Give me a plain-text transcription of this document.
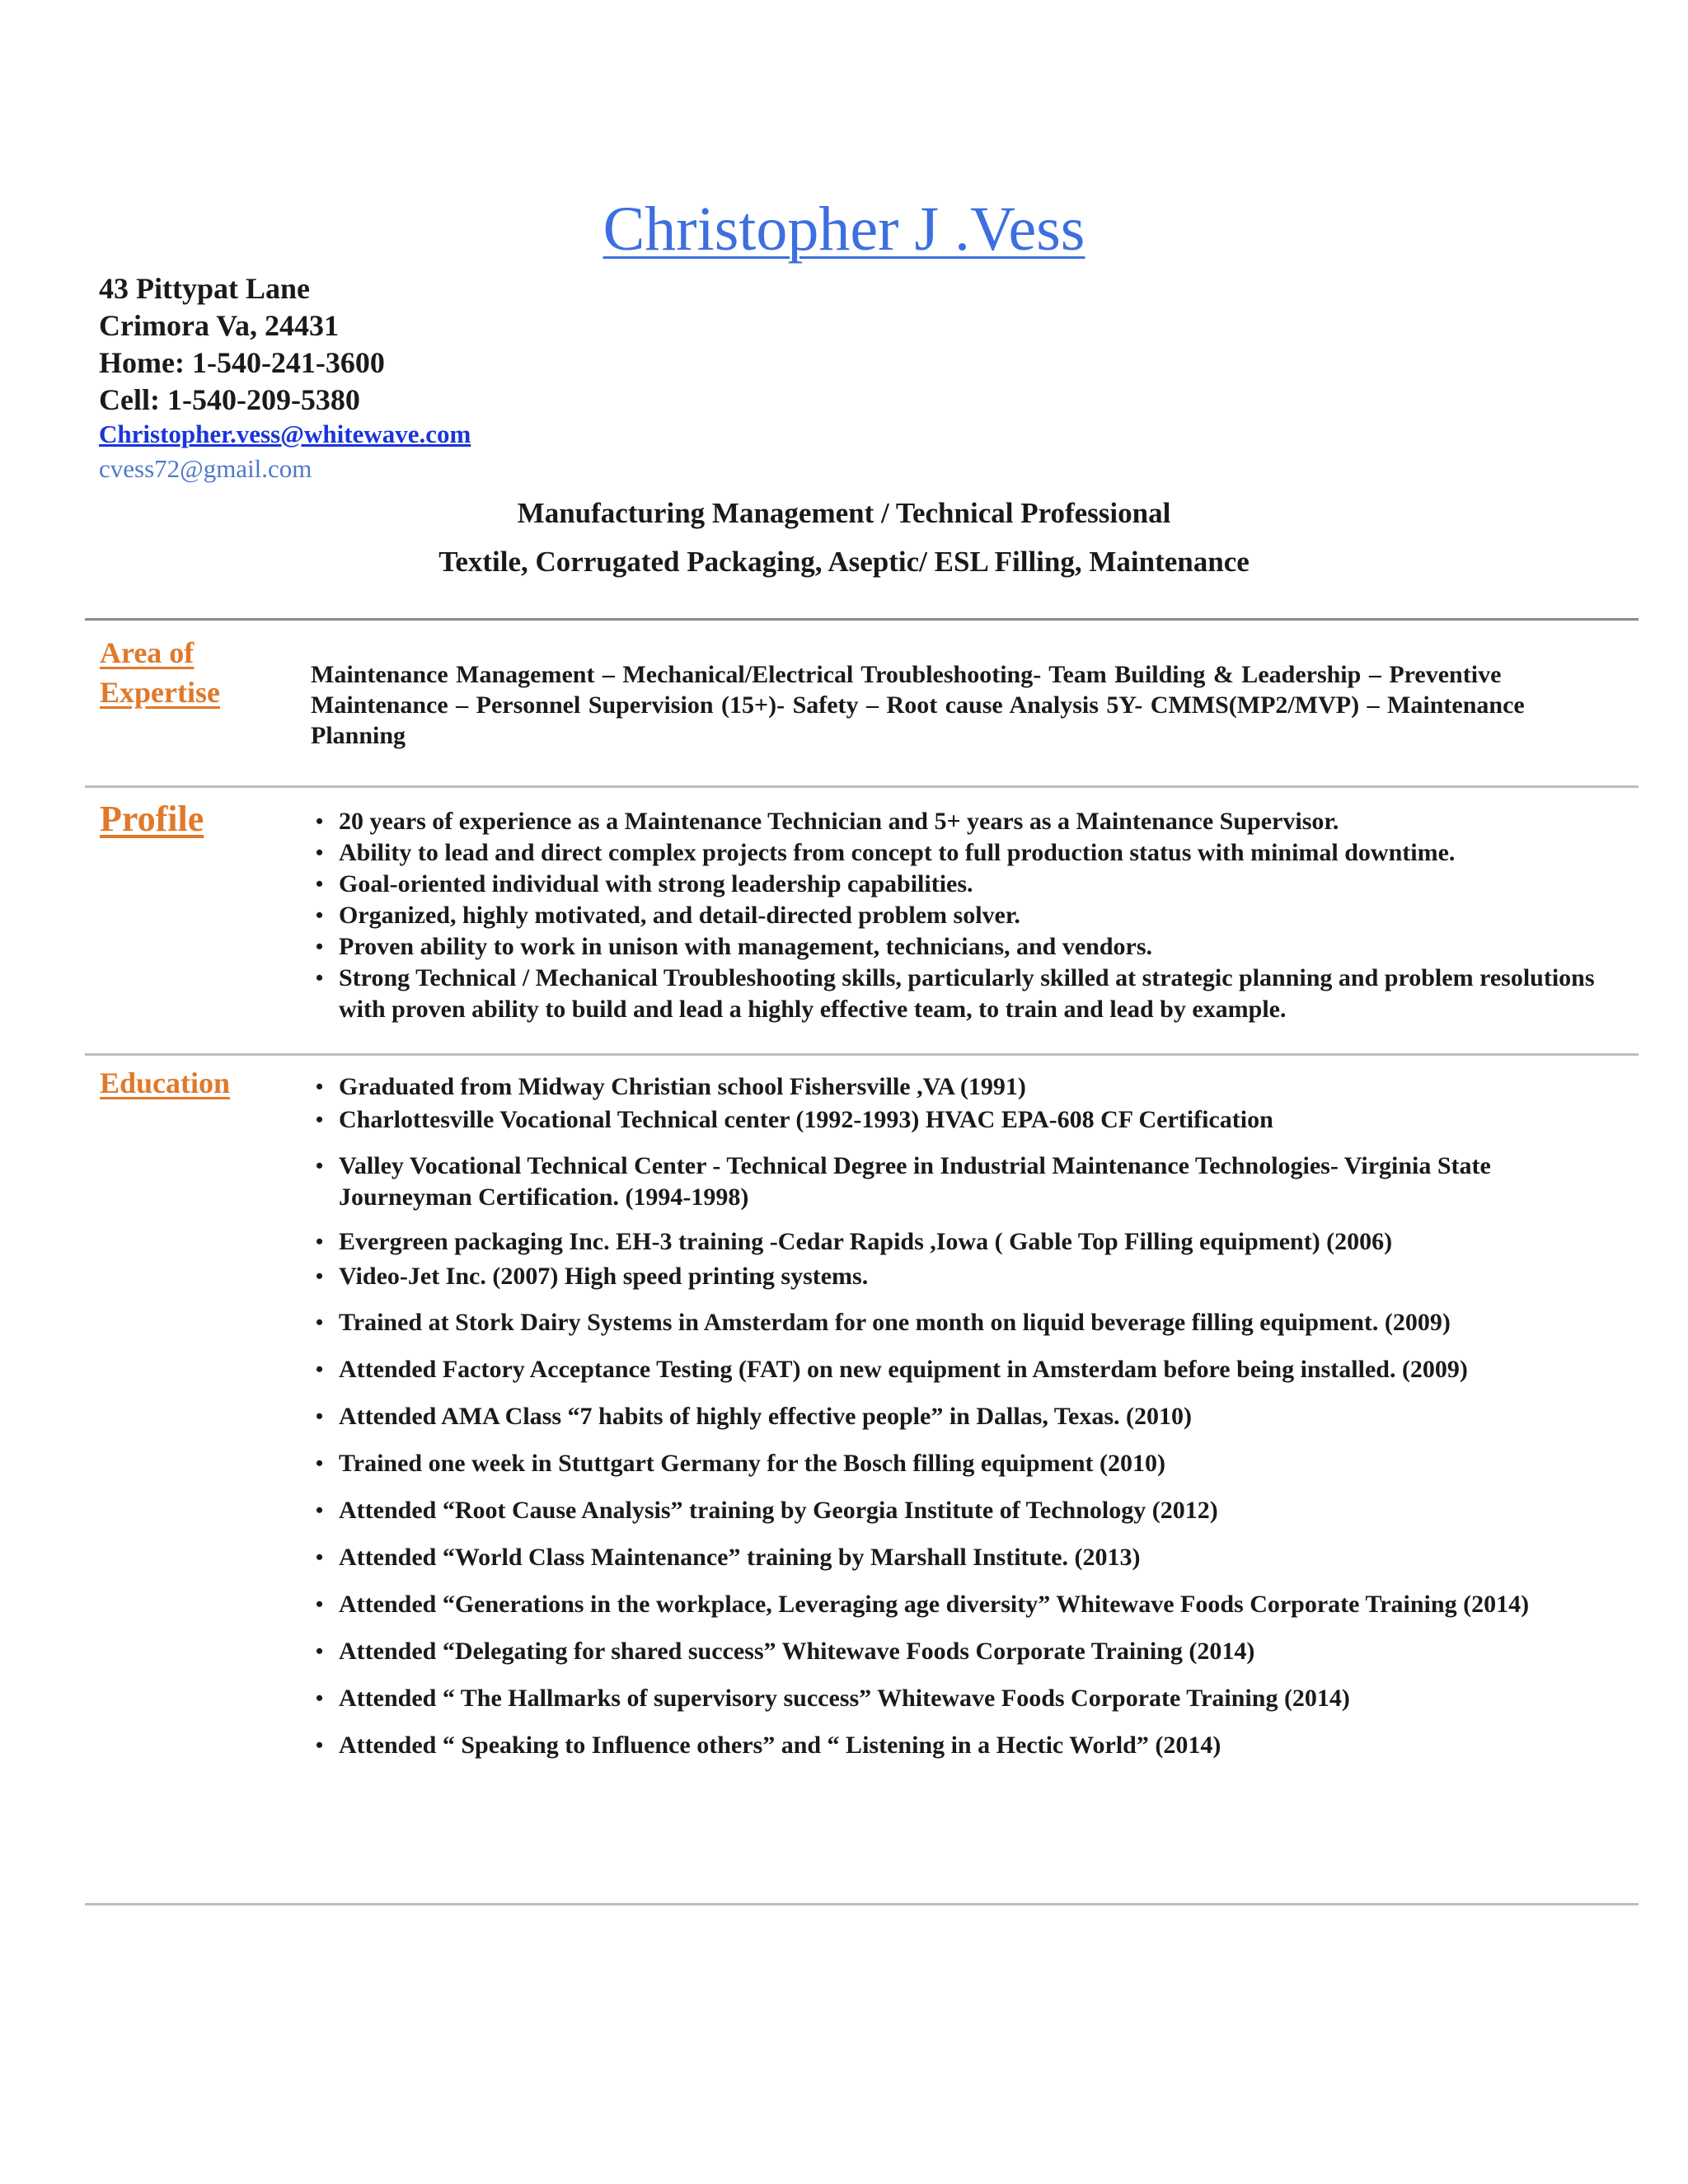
Christopher J .Vess
43 Pittypat Lane
Crimora Va, 24431
Home: 1-540-241-3600
Cell: 1-540-209-5380
Christopher.vess@whitewave.com
cvess72@gmail.com
Manufacturing Management / Technical Professional
Textile, Corrugated Packaging, Aseptic/ ESL Filling, Maintenance
Area of
Expertise
Maintenance Management – Mechanical/Electrical Troubleshooting- Team Building & Leadership – Preventive Maintenance – Personnel Supervision (15+)- Safety – Root cause Analysis 5Y- CMMS(MP2/MVP) – Maintenance Planning
Profile	• 20 years of experience as a Maintenance Technician and 5+ years as a Maintenance Supervisor.
• Ability to lead and direct complex projects from concept to full production status with minimal downtime.
• Goal-oriented individual with strong leadership capabilities.
• Organized, highly motivated, and detail-directed problem solver.
• Proven ability to work in unison with management, technicians, and vendors.
• Strong Technical / Mechanical Troubleshooting skills, particularly skilled at strategic planning and problem resolutions with proven ability to build and lead a highly effective team, to train and lead by example.
Education	• Graduated from Midway Christian school Fishersville ,VA (1991)
• Charlottesville Vocational Technical center (1992-1993) HVAC EPA-608 CF Certification
• Valley Vocational Technical Center - Technical Degree in Industrial Maintenance Technologies- Virginia State Journeyman Certification. (1994-1998)
• Evergreen packaging Inc. EH-3 training -Cedar Rapids ,Iowa ( Gable Top Filling equipment) (2006)
• Video-Jet Inc. (2007) High speed printing systems.
• Trained at Stork Dairy Systems in Amsterdam for one month on liquid beverage filling equipment. (2009)
• Attended Factory Acceptance Testing (FAT) on new equipment in Amsterdam before being installed. (2009)
• Attended AMA Class “7 habits of highly effective people” in Dallas, Texas. (2010)
• Trained one week in Stuttgart Germany for the Bosch filling equipment (2010)
• Attended “Root Cause Analysis” training by Georgia Institute of Technology (2012)
• Attended “World Class Maintenance” training by Marshall Institute. (2013)
• Attended “Generations in the workplace, Leveraging age diversity” Whitewave Foods Corporate Training (2014)
• Attended “Delegating for shared success” Whitewave Foods Corporate Training (2014)
• Attended “ The Hallmarks of supervisory success” Whitewave Foods Corporate Training (2014)
• Attended “ Speaking to Influence others” and “ Listening in a Hectic World” (2014)
